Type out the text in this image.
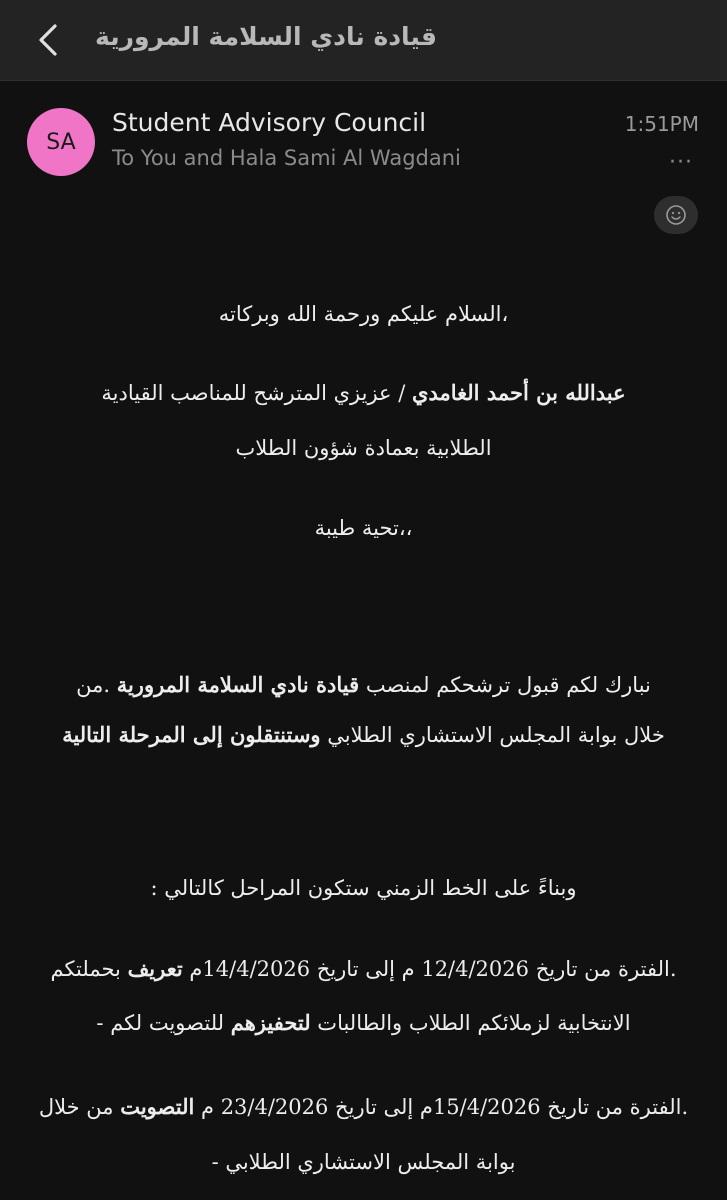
قيادة نادي السلامة المرورية
SA
Student Advisory Council
To You and Hala Sami Al Wagdani
1:51PM
···
،السلام عليكم ورحمة الله وبركاته
عبدالله بن أحمد الغامدي / عزيزي المترشح للمناصب القيادية
الطلابية بعمادة شؤون الطلاب
،،تحية طيبة
نبارك لكم قبول ترشحكم لمنصب قيادة نادي السلامة المرورية .من
خلال بوابة المجلس الاستشاري الطلابي وستنتقلون إلى المرحلة التالية
وبناءً على الخط الزمني ستكون المراحل كالتالي :
.الفترة من تاريخ 12/4/2026 م إلى تاريخ 14/4/2026م تعريف بحملتكم
الانتخابية لزملائكم الطلاب والطالبات لتحفيزهم للتصويت لكم -
.الفترة من تاريخ 15/4/2026م إلى تاريخ 23/4/2026 م التصويت من خلال
بوابة المجلس الاستشاري الطلابي -
